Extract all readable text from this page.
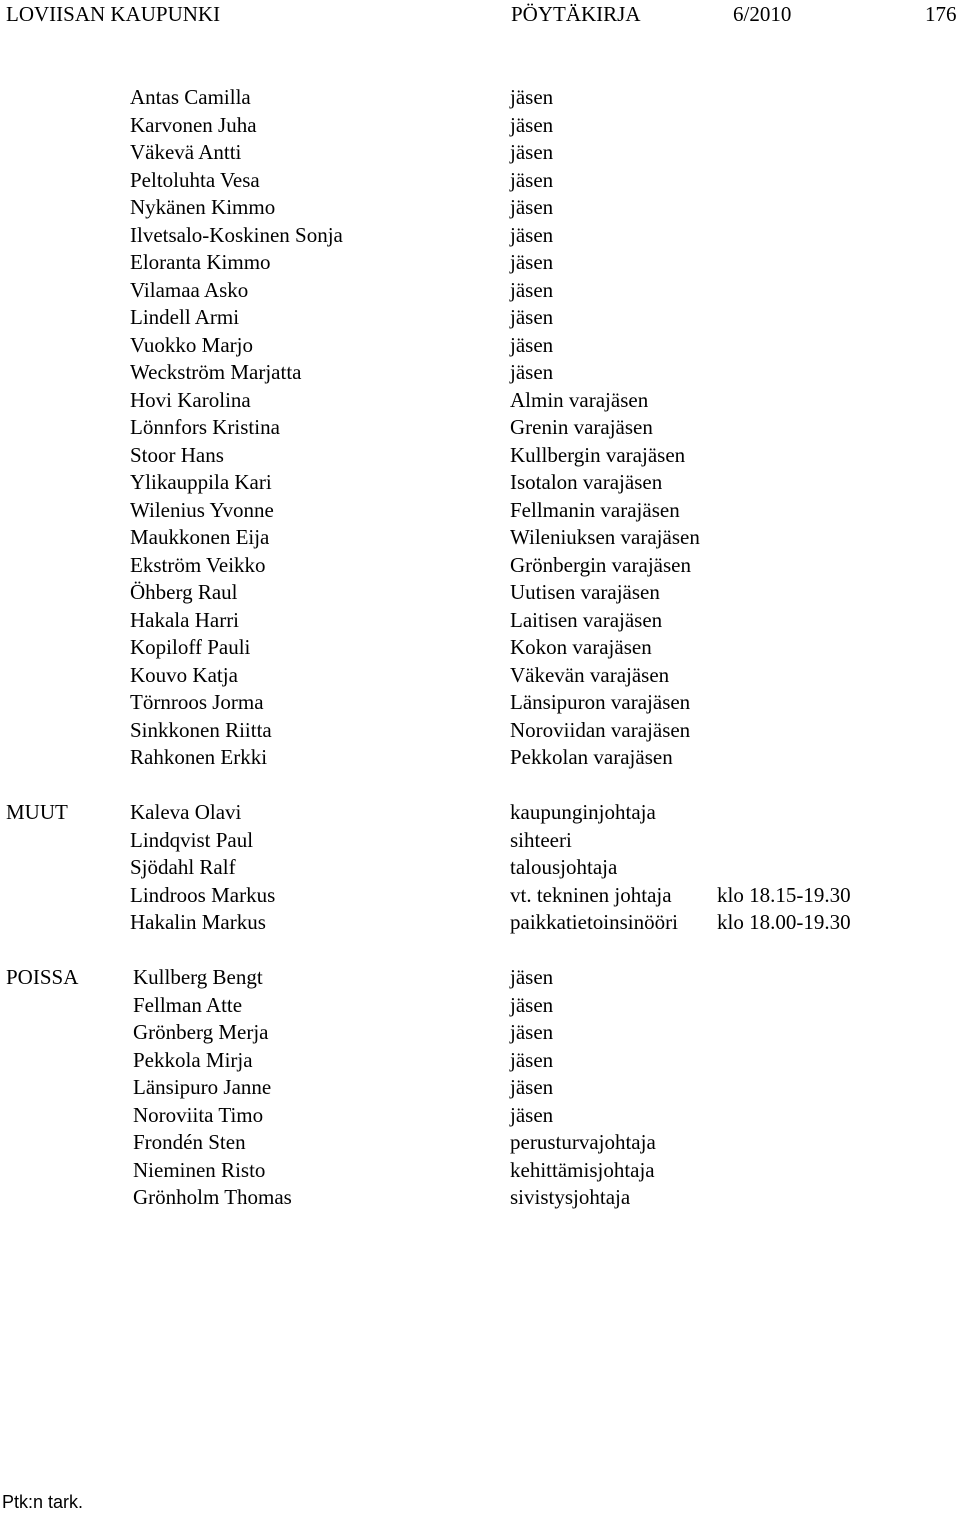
LOVIISAN KAUPUNKI	PÖYTÄKIRJA	6/2010	176
Antas Camilla	jäsen
Karvonen Juha	jäsen
Väkevä Antti	jäsen
Peltoluhta Vesa	jäsen
Nykänen Kimmo	jäsen
Ilvetsalo-Koskinen Sonja	jäsen
Eloranta Kimmo	jäsen
Vilamaa Asko	jäsen
Lindell Armi	jäsen
Vuokko Marjo	jäsen
Weckström Marjatta	jäsen
Hovi Karolina	Almin varajäsen
Lönnfors Kristina	Grenin varajäsen
Stoor Hans	Kullbergin varajäsen
Ylikauppila Kari	Isotalon varajäsen
Wilenius Yvonne	Fellmanin varajäsen
Maukkonen Eija	Wileniuksen varajäsen
Ekström Veikko	Grönbergin varajäsen
Öhberg Raul	Uutisen varajäsen
Hakala Harri	Laitisen varajäsen
Kopiloff Pauli	Kokon varajäsen
Kouvo Katja	Väkevän varajäsen
Törnroos Jorma	Länsipuron varajäsen
Sinkkonen Riitta	Noroviidan varajäsen
Rahkonen Erkki	Pekkolan varajäsen
MUUT	Kaleva Olavi	kaupunginjohtaja
Lindqvist Paul	sihteeri
Sjödahl Ralf	talousjohtaja
Lindroos Markus	vt. tekninen johtaja klo 18.15-19.30
Hakalin Markus	paikkatietoinsinööri klo 18.00-19.30
POISSA	Kullberg Bengt	jäsen
Fellman Atte	jäsen
Grönberg Merja	jäsen
Pekkola Mirja	jäsen
Länsipuro Janne	jäsen
Noroviita Timo	jäsen
Frondén Sten	perusturvajohtaja
Nieminen Risto	kehittämisjohtaja
Grönholm Thomas	sivistysjohtaja
Ptk:n tark.
